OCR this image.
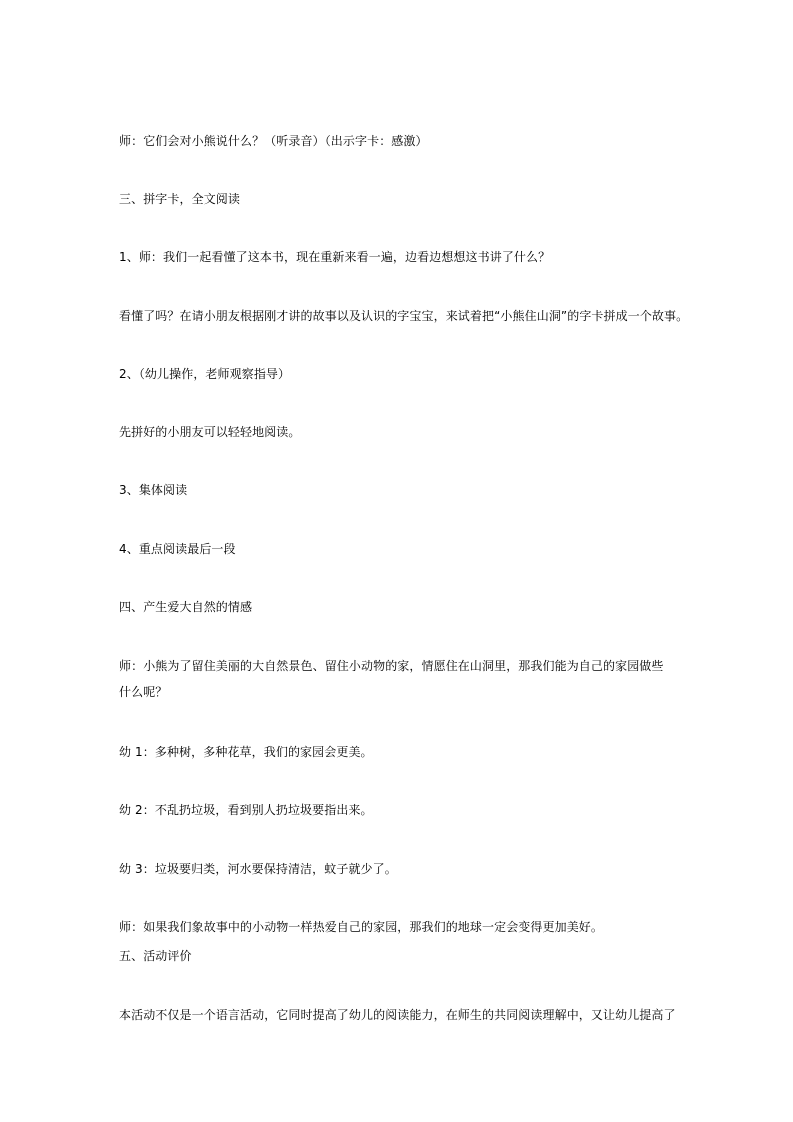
师：它们会对小熊说什么？（听录音）（出示字卡：感激）
三、拼字卡，全文阅读
1、师：我们一起看懂了这本书，现在重新来看一遍，边看边想想这书讲了什么？
看懂了吗？在请小朋友根据刚才讲的故事以及认识的字宝宝，来试着把“小熊住山洞”的字卡拼成一个故事。
2、（幼儿操作，老师观察指导）
先拼好的小朋友可以轻轻地阅读。
3、集体阅读
4、重点阅读最后一段
四、产生爱大自然的情感
师：小熊为了留住美丽的大自然景色、留住小动物的家，情愿住在山洞里，那我们能为自己的家园做些什么呢？
幼 1：多种树，多种花草，我们的家园会更美。
幼 2：不乱扔垃圾，看到别人扔垃圾要指出来。
幼 3：垃圾要归类，河水要保持清洁，蚊子就少了。
师：如果我们象故事中的小动物一样热爱自己的家园，那我们的地球一定会变得更加美好。
五、活动评价
本活动不仅是一个语言活动，它同时提高了幼儿的阅读能力，在师生的共同阅读理解中，又让幼儿提高了
